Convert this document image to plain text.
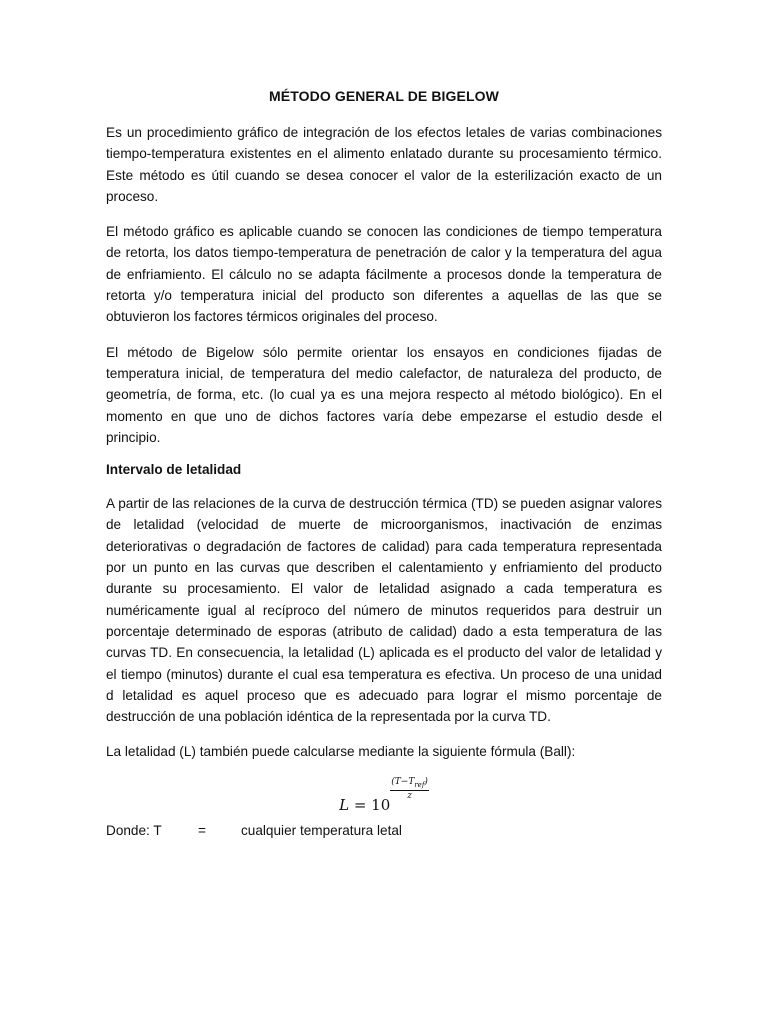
MÉTODO GENERAL DE BIGELOW

Es un procedimiento gráfico de integración de los efectos letales de varias combinaciones tiempo-temperatura existentes en el alimento enlatado durante su procesamiento térmico. Este método es útil cuando se desea conocer el valor de la esterilización exacto de un proceso.

El método gráfico es aplicable cuando se conocen las condiciones de tiempo temperatura de retorta, los datos tiempo-temperatura de penetración de calor y la temperatura del agua de enfriamiento. El cálculo no se adapta fácilmente a procesos donde la temperatura de retorta y/o temperatura inicial del producto son diferentes a aquellas de las que se obtuvieron los factores térmicos originales del proceso.

El método de Bigelow sólo permite orientar los ensayos en condiciones fijadas de temperatura inicial, de temperatura del medio calefactor, de naturaleza del producto, de geometría, de forma, etc. (lo cual ya es una mejora respecto al método biológico). En el momento en que uno de dichos factores varía debe empezarse el estudio desde el principio.

Intervalo de letalidad

A partir de las relaciones de la curva de destrucción térmica (TD) se pueden asignar valores de letalidad (velocidad de muerte de microorganismos, inactivación de enzimas deteriorativas o degradación de factores de calidad) para cada temperatura representada por un punto en las curvas que describen el calentamiento y enfriamiento del producto durante su procesamiento. El valor de letalidad asignado a cada temperatura es numéricamente igual al recíproco del número de minutos requeridos para destruir un porcentaje determinado de esporas (atributo de calidad) dado a esta temperatura de las curvas TD. En consecuencia, la letalidad (L) aplicada es el producto del valor de letalidad y el tiempo (minutos) durante el cual esa temperatura es efectiva. Un proceso de una unidad d letalidad es aquel proceso que es adecuado para lograr el mismo porcentaje de destrucción de una población idéntica de la representada por la curva TD.

La letalidad (L) también puede calcularse mediante la siguiente fórmula (Ball):

L = 10
$\frac{(T-T_{ref})}{z}$
Donde: T	=	cualquier temperatura letal
